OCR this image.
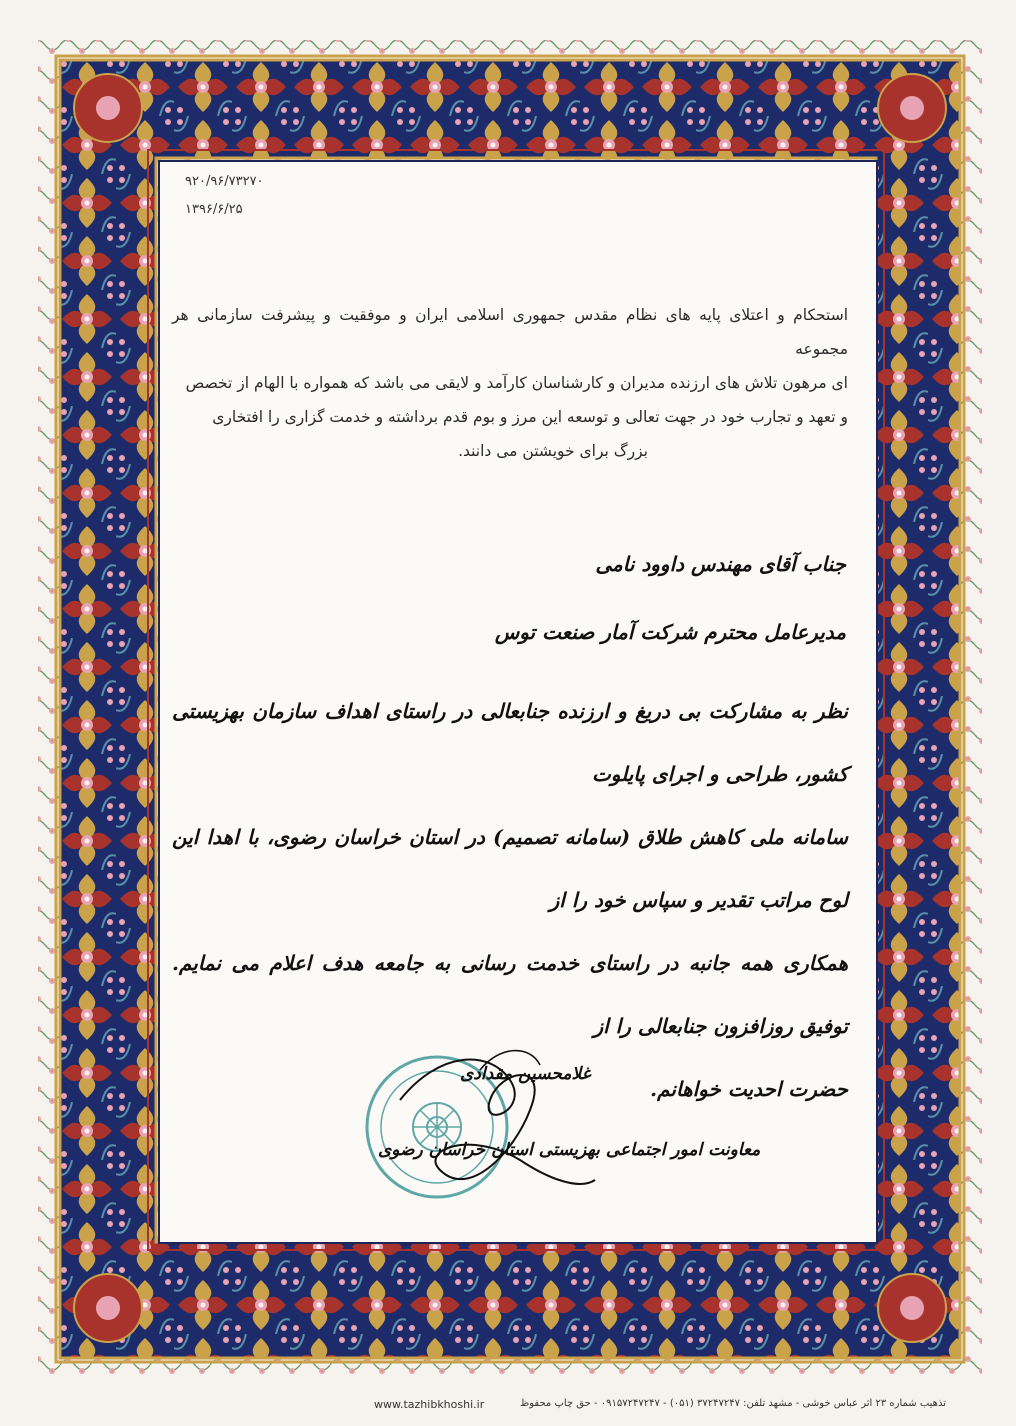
۹۲۰/۹۶/۷۳۲۷۰
۱۳۹۶/۶/۲۵

استحکام و اعتلای پایه های نظام مقدس جمهوری اسلامی ایران و موفقیت و پیشرفت سازمانی هر مجموعه

ای مرهون تلاش های ارزنده مدیران و کارشناسان کارآمد و لایقی می باشد که همواره با الهام از تخصص

و تعهد و تجارب خود در جهت تعالی و توسعه این مرز و بوم قدم برداشته و خدمت گزاری را افتخاری

بزرگ برای خویشتن می دانند.

جناب آقای مهندس داوود نامی
مدیرعامل محترم شرکت آمار صنعت توس

نظر به مشارکت بی دریغ و ارزنده جنابعالی در راستای اهداف سازمان بهزیستی کشور، طراحی و اجرای پایلوت

سامانه ملی کاهش طلاق (سامانه تصمیم) در استان خراسان رضوی، با اهدا این لوح مراتب تقدیر و سپاس خود را از

همکاری همه جانبه در راستای خدمت رسانی به جامعه هدف اعلام می نمایم. توفیق روزافزون جنابعالی را از

حضرت احدیت خواهانم.

غلامحسین مقدادی
معاونت امور اجتماعی بهزیستی استان خراسان رضوی
www.tazhibkhoshi.ir	تذهیب شماره ۲۳ اثر عباس خوشی - مشهد تلفن: ۳۷۲۴۷۲۴۷ (۰۵۱) - ۰۹۱۵۷۲۴۷۲۴۷ - حق چاپ محفوظ
